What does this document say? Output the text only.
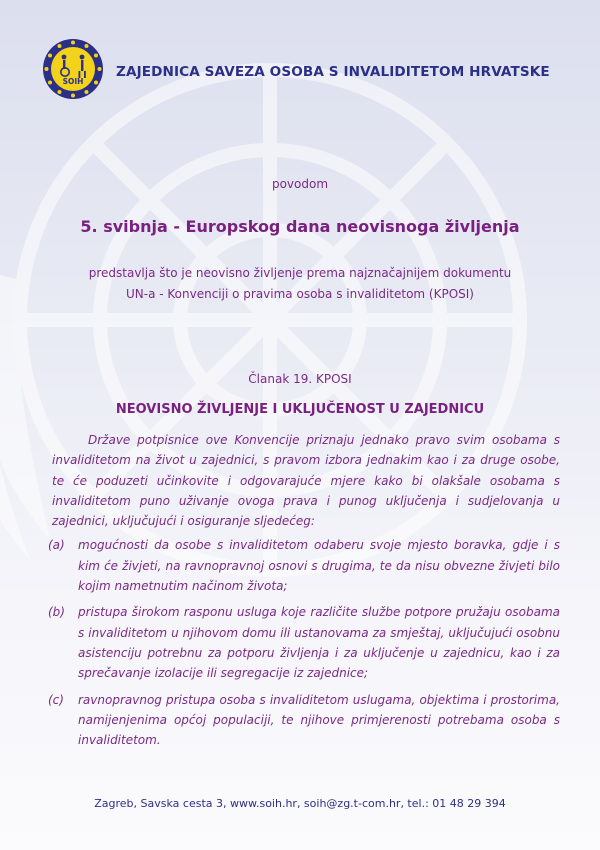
SOIH
ZAJEDNICA SAVEZA OSOBA S INVALIDITETOM HRVATSKE
povodom
5. svibnja - Europskog dana neovisnoga življenja
predstavlja što je neovisno življenje prema najznačajnijem dokumentu
UN-a - Konvenciji o pravima osoba s invaliditetom (KPOSI)
Članak 19. KPOSI
NEOVISNO ŽIVLJENJE I UKLJUČENOST U ZAJEDNICU

Države potpisnice ove Konvencije priznaju jednako pravo svim osobama s invaliditetom na život u zajednici, s pravom izbora jednakim kao i za druge osobe, te će poduzeti učinkovite i odgovarajuće mjere kako bi olakšale osobama s invaliditetom puno uživanje ovoga prava i punog uključenja i sudjelovanja u zajednici, uključujući i osiguranje sljedećeg:

(a)	mogućnosti da osobe s invaliditetom odaberu svoje mjesto boravka, gdje i s kim će živjeti, na ravnopravnoj osnovi s drugima, te da nisu obvezne živjeti bilo kojim nametnutim načinom života;
(b)	pristupa širokom rasponu usluga koje različite službe potpore pružaju osobama s invaliditetom u njihovom domu ili ustanovama za smještaj, uključujući osobnu asistenciju potrebnu za potporu življenja i za uključenje u zajednicu, kao i za sprečavanje izolacije ili segregacije iz zajednice;
(c)	ravnopravnog pristupa osoba s invaliditetom uslugama, objektima i prostorima, namijenjenima općoj populaciji, te njihove primjerenosti potrebama osoba s invaliditetom.
Zagreb, Savska cesta 3, www.soih.hr, soih@zg.t-com.hr, tel.: 01 48 29 394
